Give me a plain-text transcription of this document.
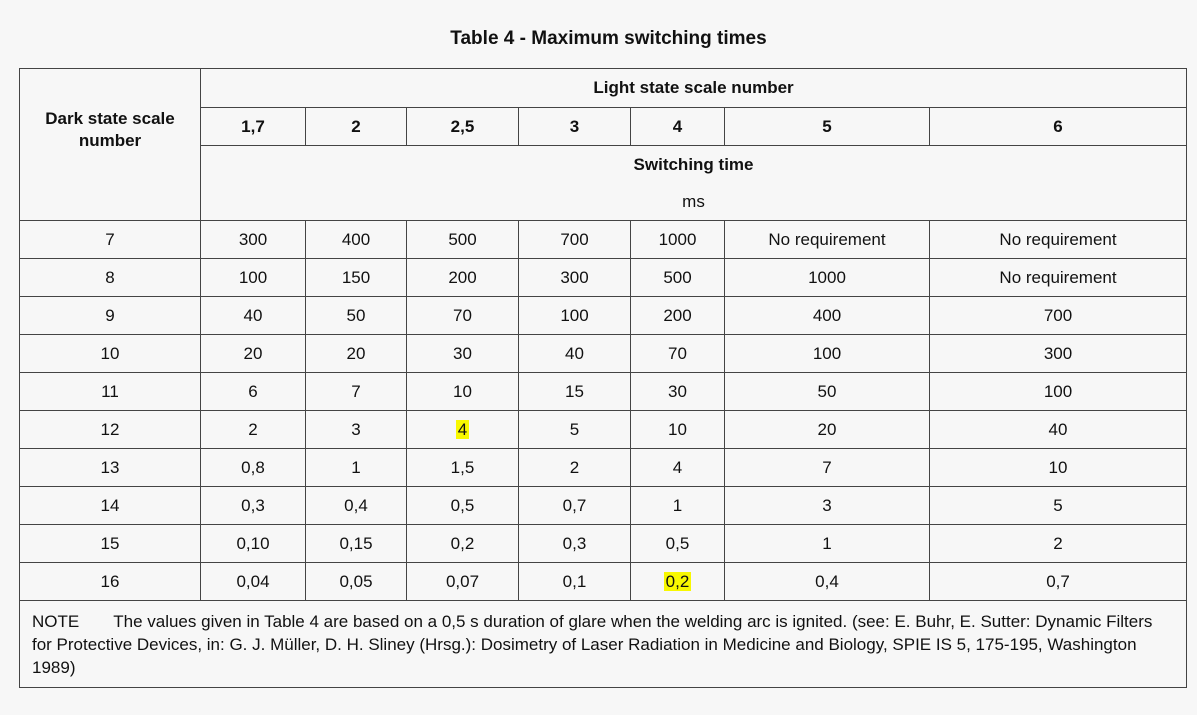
Table 4 - Maximum switching times
Dark state scale number	Light state scale number						
	1,7	2	2,5	3	4	5	6
	Switching time						
	ms						
7	300	400	500	700	1000	No requirement	No requirement
8	100	150	200	300	500	1000	No requirement
9	40	50	70	100	200	400	700
10	20	20	30	40	70	100	300
11	6	7	10	15	30	50	100
12	2	3	4	5	10	20	40
13	0,8	1	1,5	2	4	7	10
14	0,3	0,4	0,5	0,7	1	3	5
15	0,10	0,15	0,2	0,3	0,5	1	2
16	0,04	0,05	0,07	0,1	0,2	0,4	0,7
NOTE The values given in Table 4 are based on a 0,5 s duration of glare when the welding arc is ignited. (see: E. Buhr, E. Sutter: Dynamic Filters for Protective Devices, in: G. J. Müller, D. H. Sliney (Hrsg.): Dosimetry of Laser Radiation in Medicine and Biology, SPIE IS 5, 175-195, Washington 1989)							
